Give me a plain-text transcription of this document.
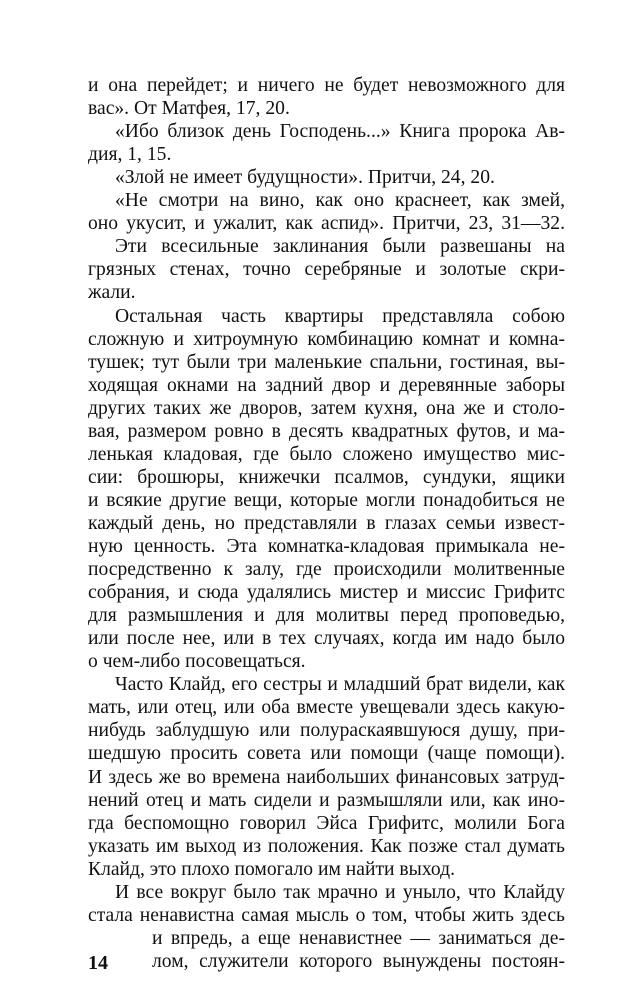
и она перейдет; и ничего не будет невозможного для
вас». От Матфея, 17, 20.
«Ибо близок день Господень...» Книга пророка Ав-
дия, 1, 15.
«Злой не имеет будущности». Притчи, 24, 20.
«Не смотри на вино, как оно краснеет, как змей,
оно укусит, и ужалит, как аспид». Притчи, 23, 31—32.
Эти всесильные заклинания были развешаны на
грязных стенах, точно серебряные и золотые скри-
жали.
Остальная часть квартиры представляла собою
сложную и хитроумную комбинацию комнат и комна-
тушек; тут были три маленькие спальни, гостиная, вы-
ходящая окнами на задний двор и деревянные заборы
других таких же дворов, затем кухня, она же и столо-
вая, размером ровно в десять квадратных футов, и ма-
ленькая кладовая, где было сложено имущество мис-
сии: брошюры, книжечки псалмов, сундуки, ящики
и всякие другие вещи, которые могли понадобиться не
каждый день, но представляли в глазах семьи извест-
ную ценность. Эта комнатка-кладовая примыкала не-
посредственно к залу, где происходили молитвенные
собрания, и сюда удалялись мистер и миссис Грифитс
для размышления и для молитвы перед проповедью,
или после нее, или в тех случаях, когда им надо было
о чем-либо посовещаться.
Часто Клайд, его сестры и младший брат видели, как
мать, или отец, или оба вместе увещевали здесь какую-
нибудь заблудшую или полураскаявшуюся душу, при-
шедшую просить совета или помощи (чаще помощи).
И здесь же во времена наибольших финансовых затруд-
нений отец и мать сидели и размышляли или, как ино-
гда беспомощно говорил Эйса Грифитс, молили Бога
указать им выход из положения. Как позже стал думать
Клайд, это плохо помогало им найти выход.
И все вокруг было так мрачно и уныло, что Клайду
стала ненавистна самая мысль о том, чтобы жить здесь
и впредь, а еще ненавистнее — заниматься де-
лом, служители которого вынуждены постоян-
14
